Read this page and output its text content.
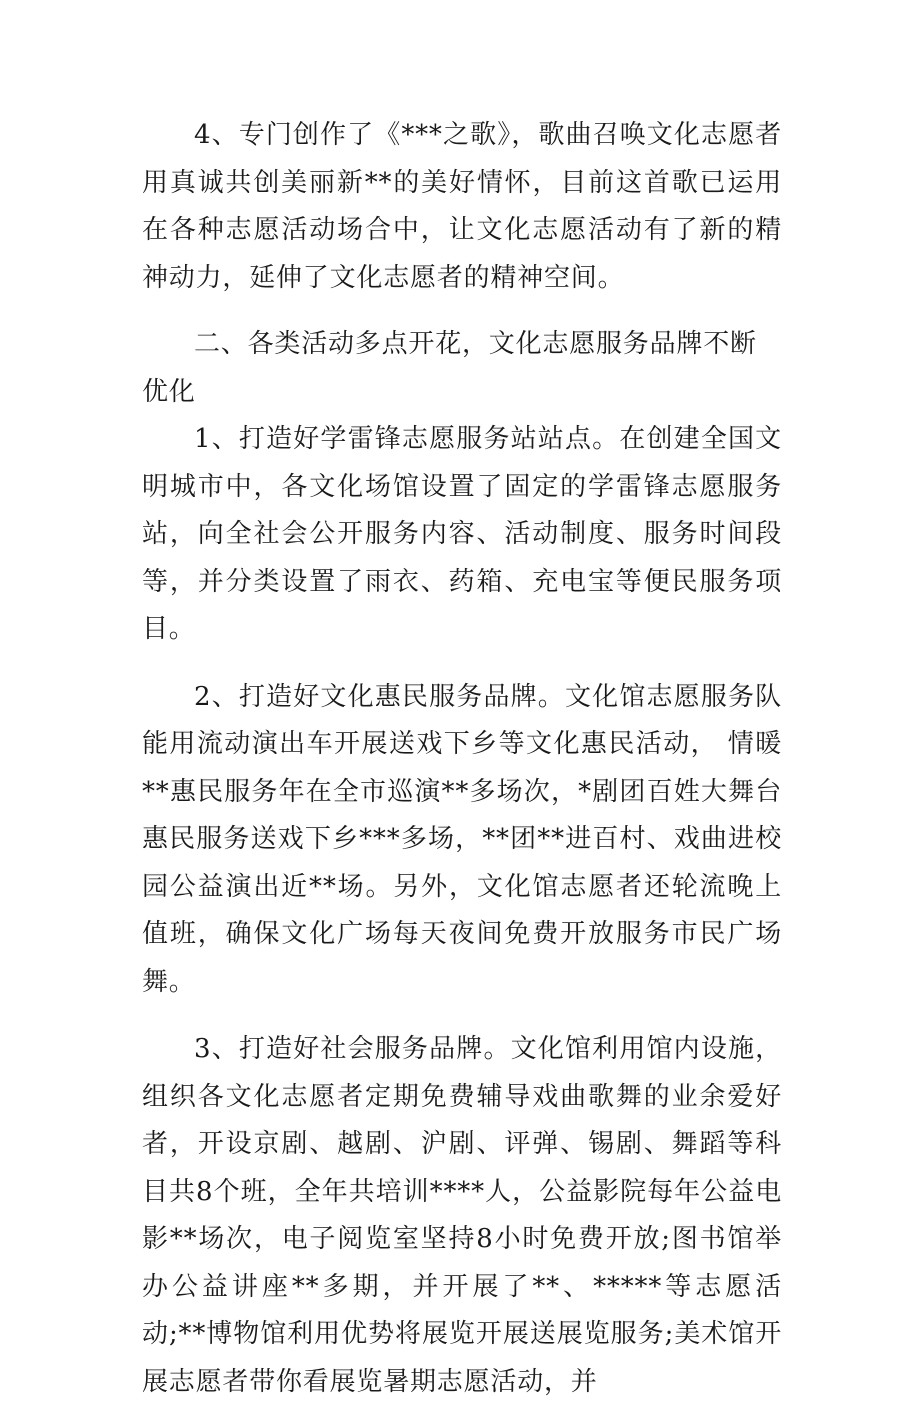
4、专门创作了《***之歌》，歌曲召唤文化志愿者用真诚共创美丽新**的美好情怀，目前这首歌已运用在各种志愿活动场合中，让文化志愿活动有了新的精神动力，延伸了文化志愿者的精神空间。

二、各类活动多点开花，文化志愿服务品牌不断优化

1、打造好学雷锋志愿服务站站点。在创建全国文明城市中，各文化场馆设置了固定的学雷锋志愿服务站，向全社会公开服务内容、活动制度、服务时间段等，并分类设置了雨衣、药箱、充电宝等便民服务项目。

2、打造好文化惠民服务品牌。文化馆志愿服务队能用流动演出车开展送戏下乡等文化惠民活动， 情暖**惠民服务年在全市巡演**多场次，*剧团百姓大舞台惠民服务送戏下乡***多场，**团**进百村、戏曲进校园公益演出近**场。另外，文化馆志愿者还轮流晚上值班，确保文化广场每天夜间免费开放服务市民广场舞。

3、打造好社会服务品牌。文化馆利用馆内设施，组织各文化志愿者定期免费辅导戏曲歌舞的业余爱好者，开设京剧、越剧、沪剧、评弹、锡剧、舞蹈等科目共8个班，全年共培训****人，公益影院每年公益电影**场次，电子阅览室坚持8小时免费开放;图书馆举办公益讲座**多期，并开展了**、*****等志愿活动;**博物馆利用优势将展览开展送展览服务;美术馆开展志愿者带你看展览暑期志愿活动，并
